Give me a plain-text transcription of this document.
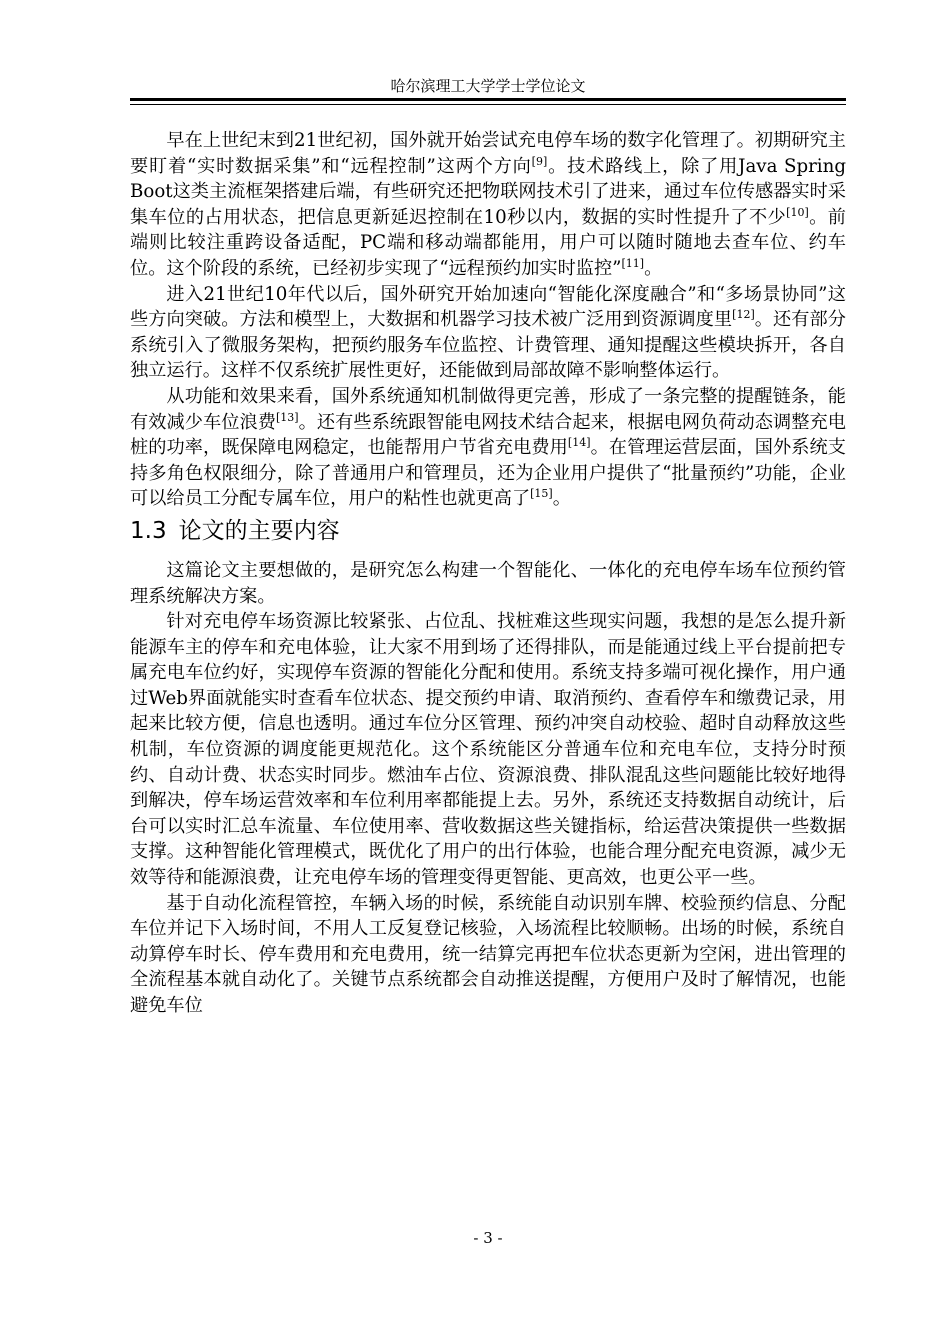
哈尔滨理工大学学士学位论文

早在上世纪末到21世纪初，国外就开始尝试充电停车场的数字化管理了。初期研究主要盯着“实时数据采集”和“远程控制”这两个方向[9]。技术路线上，除了用Java Spring Boot这类主流框架搭建后端，有些研究还把物联网技术引了进来，通过车位传感器实时采集车位的占用状态，把信息更新延迟控制在10秒以内，数据的实时性提升了不少[10]。前端则比较注重跨设备适配，PC端和移动端都能用，用户可以随时随地去查车位、约车位。这个阶段的系统，已经初步实现了“远程预约加实时监控”[11]。

进入21世纪10年代以后，国外研究开始加速向“智能化深度融合”和“多场景协同”这些方向突破。方法和模型上，大数据和机器学习技术被广泛用到资源调度里[12]。还有部分系统引入了微服务架构，把预约服务车位监控、计费管理、通知提醒这些模块拆开，各自独立运行。这样不仅系统扩展性更好，还能做到局部故障不影响整体运行。

从功能和效果来看，国外系统通知机制做得更完善，形成了一条完整的提醒链条，能有效减少车位浪费[13]。还有些系统跟智能电网技术结合起来，根据电网负荷动态调整充电桩的功率，既保障电网稳定，也能帮用户节省充电费用[14]。在管理运营层面，国外系统支持多角色权限细分，除了普通用户和管理员，还为企业用户提供了“批量预约”功能，企业可以给员工分配专属车位，用户的粘性也就更高了[15]。

1.3 论文的主要内容

这篇论文主要想做的，是研究怎么构建一个智能化、一体化的充电停车场车位预约管理系统解决方案。

针对充电停车场资源比较紧张、占位乱、找桩难这些现实问题，我想的是怎么提升新能源车主的停车和充电体验，让大家不用到场了还得排队，而是能通过线上平台提前把专属充电车位约好，实现停车资源的智能化分配和使用。系统支持多端可视化操作，用户通过Web界面就能实时查看车位状态、提交预约申请、取消预约、查看停车和缴费记录，用起来比较方便，信息也透明。通过车位分区管理、预约冲突自动校验、超时自动释放这些机制，车位资源的调度能更规范化。这个系统能区分普通车位和充电车位，支持分时预约、自动计费、状态实时同步。燃油车占位、资源浪费、排队混乱这些问题能比较好地得到解决，停车场运营效率和车位利用率都能提上去。另外，系统还支持数据自动统计，后台可以实时汇总车流量、车位使用率、营收数据这些关键指标，给运营决策提供一些数据支撑。这种智能化管理模式，既优化了用户的出行体验，也能合理分配充电资源，减少无效等待和能源浪费，让充电停车场的管理变得更智能、更高效，也更公平一些。

基于自动化流程管控，车辆入场的时候，系统能自动识别车牌、校验预约信息、分配车位并记下入场时间，不用人工反复登记核验，入场流程比较顺畅。出场的时候，系统自动算停车时长、停车费用和充电费用，统一结算完再把车位状态更新为空闲，进出管理的全流程基本就自动化了。关键节点系统都会自动推送提醒，方便用户及时了解情况，也能避免车位

- 3 -
